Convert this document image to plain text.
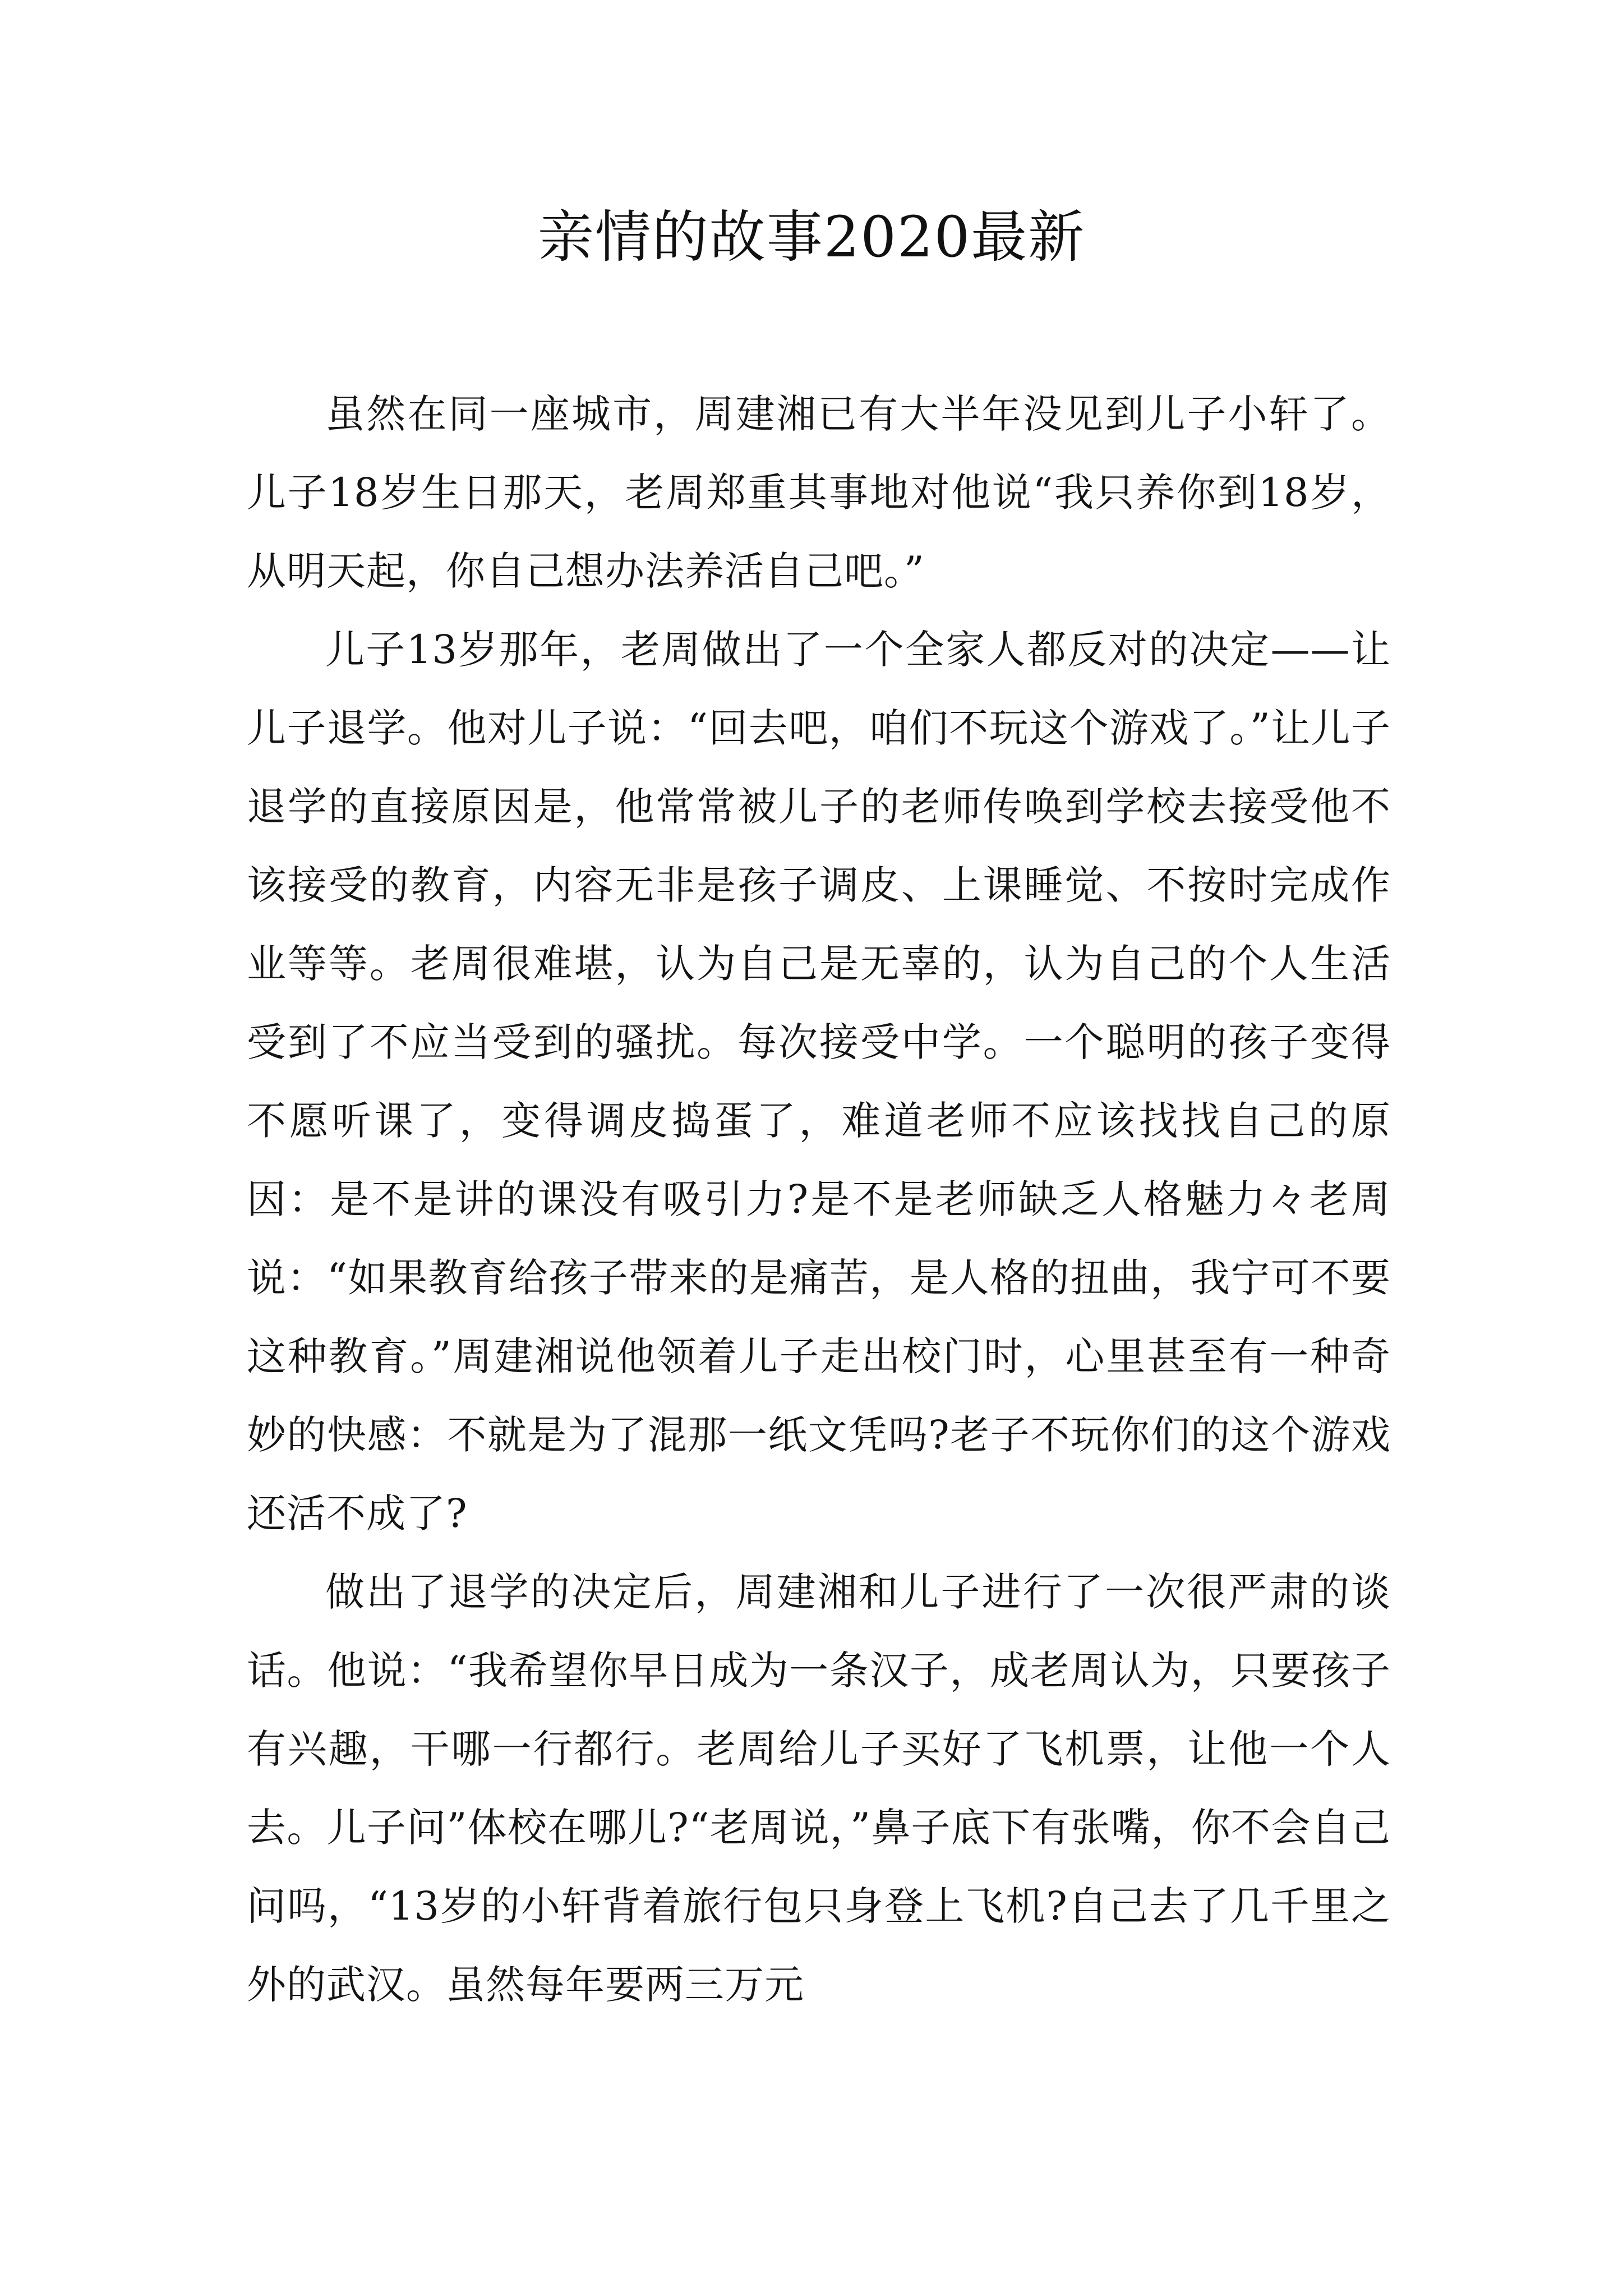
亲情的故事2020最新

虽然在同一座城市，周建湘已有大半年没见到儿子小轩了。儿子18岁生日那天，老周郑重其事地对他说“我只养你到18岁，从明天起，你自己想办法养活自己吧。”

儿子13岁那年，老周做出了一个全家人都反对的决定——让儿子退学。他对儿子说：“回去吧，咱们不玩这个游戏了。”让儿子退学的直接原因是，他常常被儿子的老师传唤到学校去接受他不该接受的教育，内容无非是孩子调皮、上课睡觉、不按时完成作业等等。老周很难堪，认为自己是无辜的，认为自己的个人生活受到了不应当受到的骚扰。每次接受中学。一个聪明的孩子变得不愿听课了，变得调皮捣蛋了，难道老师不应该找找自己的原因：是不是讲的课没有吸引力?是不是老师缺乏人格魅力々老周说：“如果教育给孩子带来的是痛苦，是人格的扭曲，我宁可不要这种教育。”周建湘说他领着儿子走出校门时，心里甚至有一种奇妙的快感：不就是为了混那一纸文凭吗?老子不玩你们的这个游戏还活不成了?

做出了退学的决定后，周建湘和儿子进行了一次很严肃的谈话。他说：“我希望你早日成为一条汉子，成老周认为，只要孩子有兴趣，干哪一行都行。老周给儿子买好了飞机票，让他一个人去。儿子问”体校在哪儿?“老周说，”鼻子底下有张嘴，你不会自己问吗，“13岁的小轩背着旅行包只身登上飞机?自己去了几千里之外的武汉。虽然每年要两三万元
